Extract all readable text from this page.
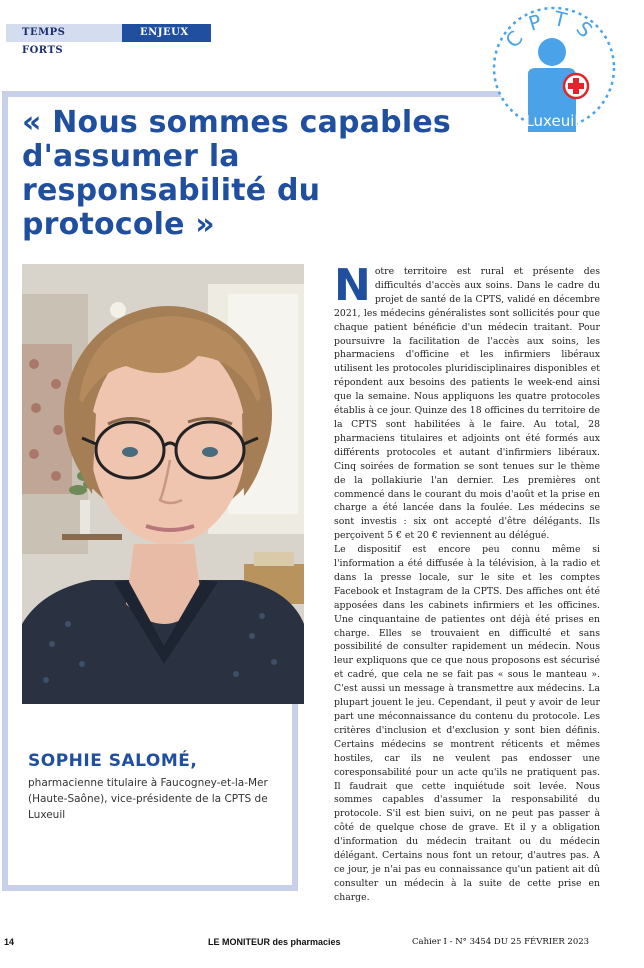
TEMPS FORTS
ENJEUX	CPTS
Luxeuil
« Nous sommes capables d'assumer la responsabilité du protocole »
SOPHIE SALOMÉ,
pharmacienne titulaire à Faucogney-et-la-Mer (Haute-Saône), vice-présidente de la CPTS de Luxeuil

Notre territoire est rural et présente des difficultés d'accès aux soins. Dans le cadre du projet de santé de la CPTS, validé en décembre 2021, les médecins généralistes sont sollicités pour que chaque patient bénéficie d'un médecin traitant. Pour poursuivre la facilitation de l'accès aux soins, les pharmaciens d'officine et les infirmiers libéraux utilisent les protocoles pluridisciplinaires disponibles et répondent aux besoins des patients le week-end ainsi que la semaine. Nous appliquons les quatre protocoles établis à ce jour. Quinze des 18 officines du territoire de la CPTS sont habilitées à le faire. Au total, 28 pharmaciens titulaires et adjoints ont été formés aux différents protocoles et autant d'infirmiers libéraux. Cinq soirées de formation se sont tenues sur le thème de la pollakiurie l'an dernier. Les premières ont commencé dans le courant du mois d'août et la prise en charge a été lancée dans la foulée. Les médecins se sont investis : six ont accepté d'être délégants. Ils perçoivent 5 € et 20 € reviennent au délégué.

Le dispositif est encore peu connu même si l'information a été diffusée à la télévision, à la radio et dans la presse locale, sur le site et les comptes Facebook et Instagram de la CPTS. Des affiches ont été apposées dans les cabinets infirmiers et les officines. Une cinquantaine de patientes ont déjà été prises en charge. Elles se trouvaient en difficulté et sans possibilité de consulter rapidement un médecin. Nous leur expliquons que ce que nous proposons est sécurisé et cadré, que cela ne se fait pas « sous le manteau ». C'est aussi un message à transmettre aux médecins. La plupart jouent le jeu. Cependant, il peut y avoir de leur part une méconnaissance du contenu du protocole. Les critères d'inclusion et d'exclusion y sont bien définis. Certains médecins se montrent réticents et mêmes hostiles, car ils ne veulent pas endosser une coresponsabilité pour un acte qu'ils ne pratiquent pas. Il faudrait que cette inquiétude soit levée. Nous sommes capables d'assumer la responsabilité du protocole. S'il est bien suivi, on ne peut pas passer à côté de quelque chose de grave. Et il y a obligation d'information du médecin traitant ou du médecin délégant. Certains nous font un retour, d'autres pas. A ce jour, je n'ai pas eu connaissance qu'un patient ait dû consulter un médecin à la suite de cette prise en charge.

14	LE MONITEUR des pharmacies	Cahier I - N° 3454 DU 25 FÉVRIER 2023
